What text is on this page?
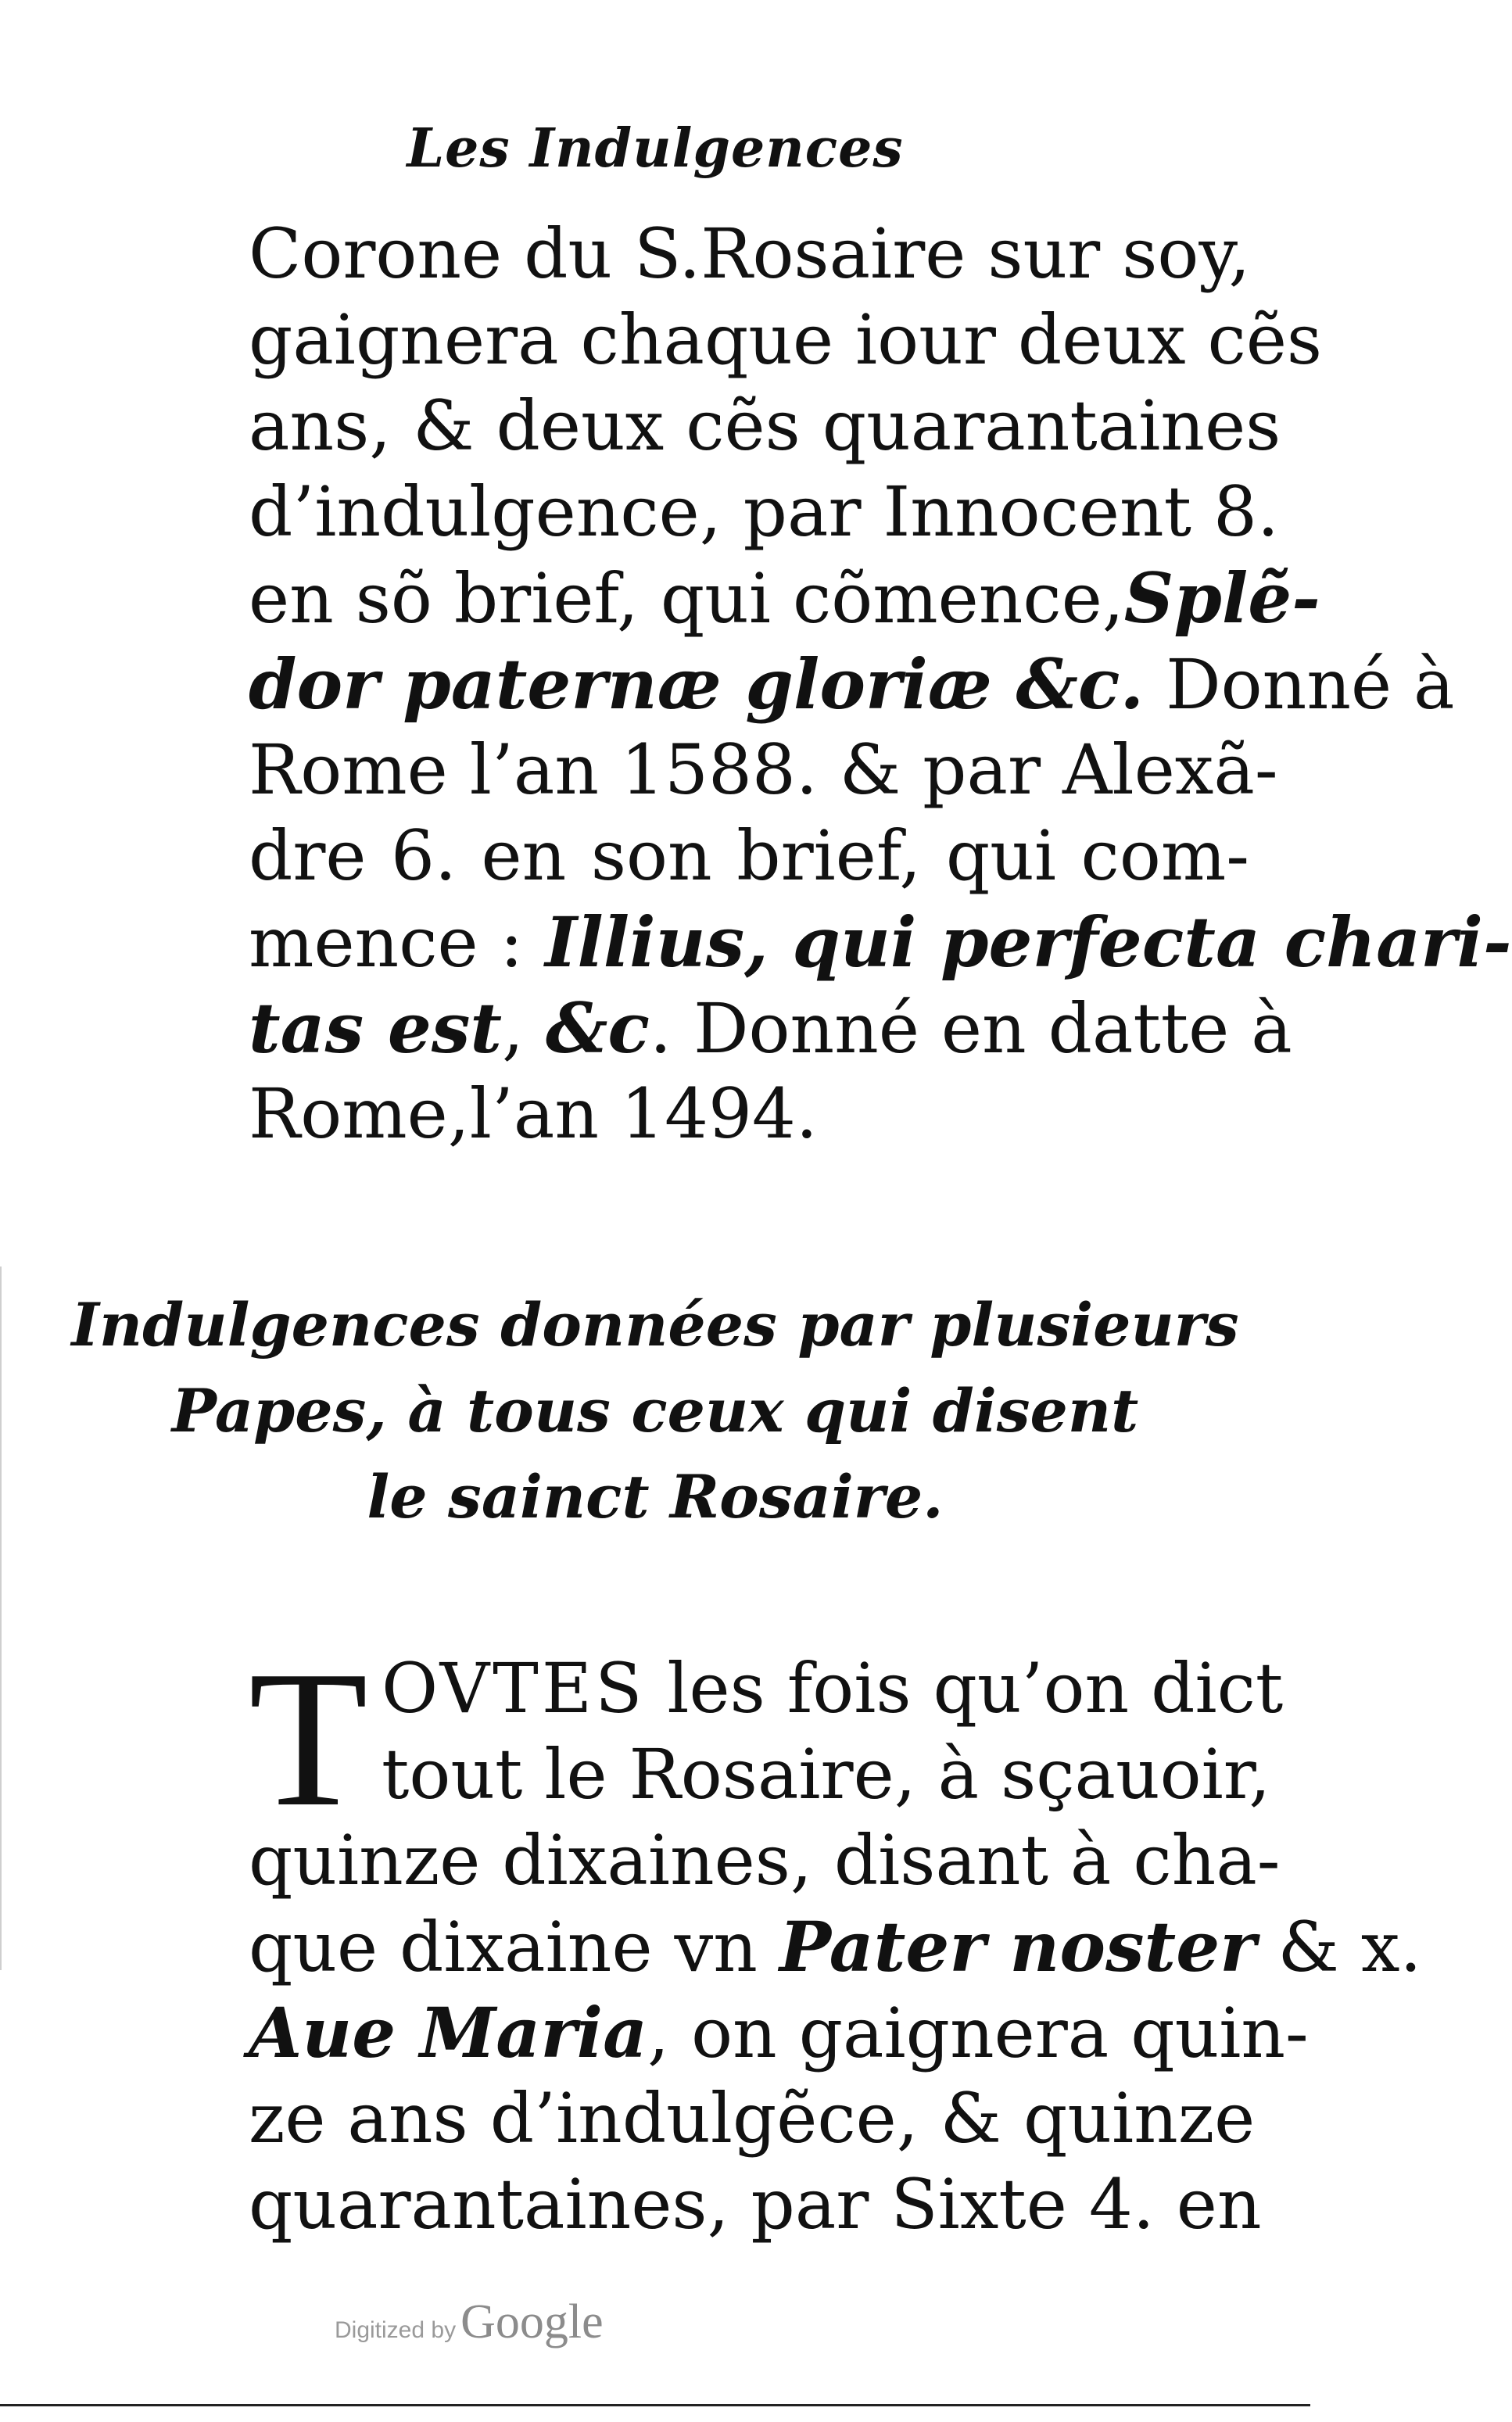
Les Indulgences
Corone du S.Rosaire sur soy,
gaignera chaque iour deux cẽs
ans, & deux cẽs quarantaines
d’indulgence, par Innocent 8.
en sõ brief, qui cõmence,Splẽ-
dor paternæ gloriæ &c. Donné à
Rome l’an 1588. & par Alexã-
dre 6. en son brief, qui com-
mence : Illius, qui perfecta chari-
tas est, &c. Donné en datte à
Rome,l’an 1494.
Indulgences données par plusieurs
Papes, à tous ceux qui disent
le sainct Rosaire.
T OVTES les fois qu’on dict
tout le Rosaire, à sçauoir,
quinze dixaines, disant à cha-
que dixaine vn Pater noster & x.
Aue Maria, on gaignera quin-
ze ans d’indulgẽce, & quinze
quarantaines, par Sixte 4. en
Digitized byGoogle
